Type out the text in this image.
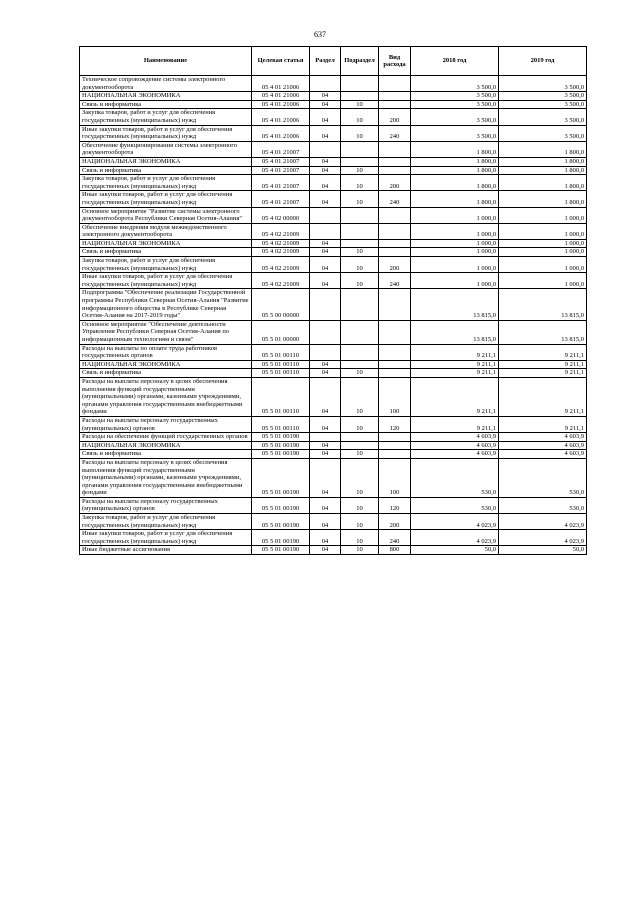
637
Наименование	Целевая статья	Раздел	Подраздел	Вид расхода	2018 год	2019 год
Техническое сопровождение системы электронного документооборота	05 4 01 21006				3 500,0	3 500,0
НАЦИОНАЛЬНАЯ ЭКОНОМИКА	05 4 01 21006	04			3 500,0	3 500,0
Связь и информатика	05 4 01 21006	04	10		3 500,0	3 500,0
Закупка товаров, работ и услуг для обеспечения государственных (муниципальных) нужд	05 4 01 21006	04	10	200	3 500,0	3 500,0
Иные закупки товаров, работ и услуг для обеспечения государственных (муниципальных) нужд	05 4 01 21006	04	10	240	3 500,0	3 500,0
Обеспечение функционирования системы электронного документооборота	05 4 01 21007				1 800,0	1 800,0
НАЦИОНАЛЬНАЯ ЭКОНОМИКА	05 4 01 21007	04			1 800,0	1 800,0
Связь и информатика	05 4 01 21007	04	10		1 800,0	1 800,0
Закупка товаров, работ и услуг для обеспечения государственных (муниципальных) нужд	05 4 01 21007	04	10	200	1 800,0	1 800,0
Иные закупки товаров, работ и услуг для обеспечения государственных (муниципальных) нужд	05 4 01 21007	04	10	240	1 800,0	1 800,0
Основное мероприятие "Развитие системы электронного документооборота Республики Северная Осетия-Алания"	05 4 02 00000				1 000,0	1 000,0
Обеспечение внедрения модуля межведомственного электронного документооборота	05 4 02 21009				1 000,0	1 000,0
НАЦИОНАЛЬНАЯ ЭКОНОМИКА	05 4 02 21009	04			1 000,0	1 000,0
Связь и информатика	05 4 02 21009	04	10		1 000,0	1 000,0
Закупка товаров, работ и услуг для обеспечения государственных (муниципальных) нужд	05 4 02 21009	04	10	200	1 000,0	1 000,0
Иные закупки товаров, работ и услуг для обеспечения государственных (муниципальных) нужд	05 4 02 21009	04	10	240	1 000,0	1 000,0
Подпрограмма "Обеспечение реализации Государственной программы Республики Северная Осетия-Алания "Развитие информационного общества в Республике Северная Осетия-Алания на 2017-2019 годы"	05 5 00 00000				13 815,0	13 815,0
Основное мероприятие "Обеспечение деятельности Управления Республики Северная Осетия-Алания по информационным технологиям и связи"	05 5 01 00000				13 815,0	13 815,0
Расходы на выплаты по оплате труда работников государственных органов	05 5 01 00110				9 211,1	9 211,1
НАЦИОНАЛЬНАЯ ЭКОНОМИКА	05 5 01 00110	04			9 211,1	9 211,1
Связь и информатика	05 5 01 00110	04	10		9 211,1	9 211,1
Расходы на выплаты персоналу в целях обеспечения выполнения функций государственными (муниципальными) органами, казенными учреждениями, органами управления государственными внебюджетными фондами	05 5 01 00110	04	10	100	9 211,1	9 211,1
Расходы на выплаты персоналу государственных (муниципальных) органов	05 5 01 00110	04	10	120	9 211,1	9 211,1
Расходы на обеспечение функций государственных органов	05 5 01 00190				4 603,9	4 603,9
НАЦИОНАЛЬНАЯ ЭКОНОМИКА	05 5 01 00190	04			4 603,9	4 603,9
Связь и информатика	05 5 01 00190	04	10		4 603,9	4 603,9
Расходы на выплаты персоналу в целях обеспечения выполнения функций государственными (муниципальными) органами, казенными учреждениями, органами управления государственными внебюджетными фондами	05 5 01 00190	04	10	100	530,0	530,0
Расходы на выплаты персоналу государственных (муниципальных) органов	05 5 01 00190	04	10	120	530,0	530,0
Закупка товаров, работ и услуг для обеспечения государственных (муниципальных) нужд	05 5 01 00190	04	10	200	4 023,9	4 023,9
Иные закупки товаров, работ и услуг для обеспечения государственных (муниципальных) нужд	05 5 01 00190	04	10	240	4 023,9	4 023,9
Иные бюджетные ассигнования	05 5 01 00190	04	10	800	50,0	50,0
